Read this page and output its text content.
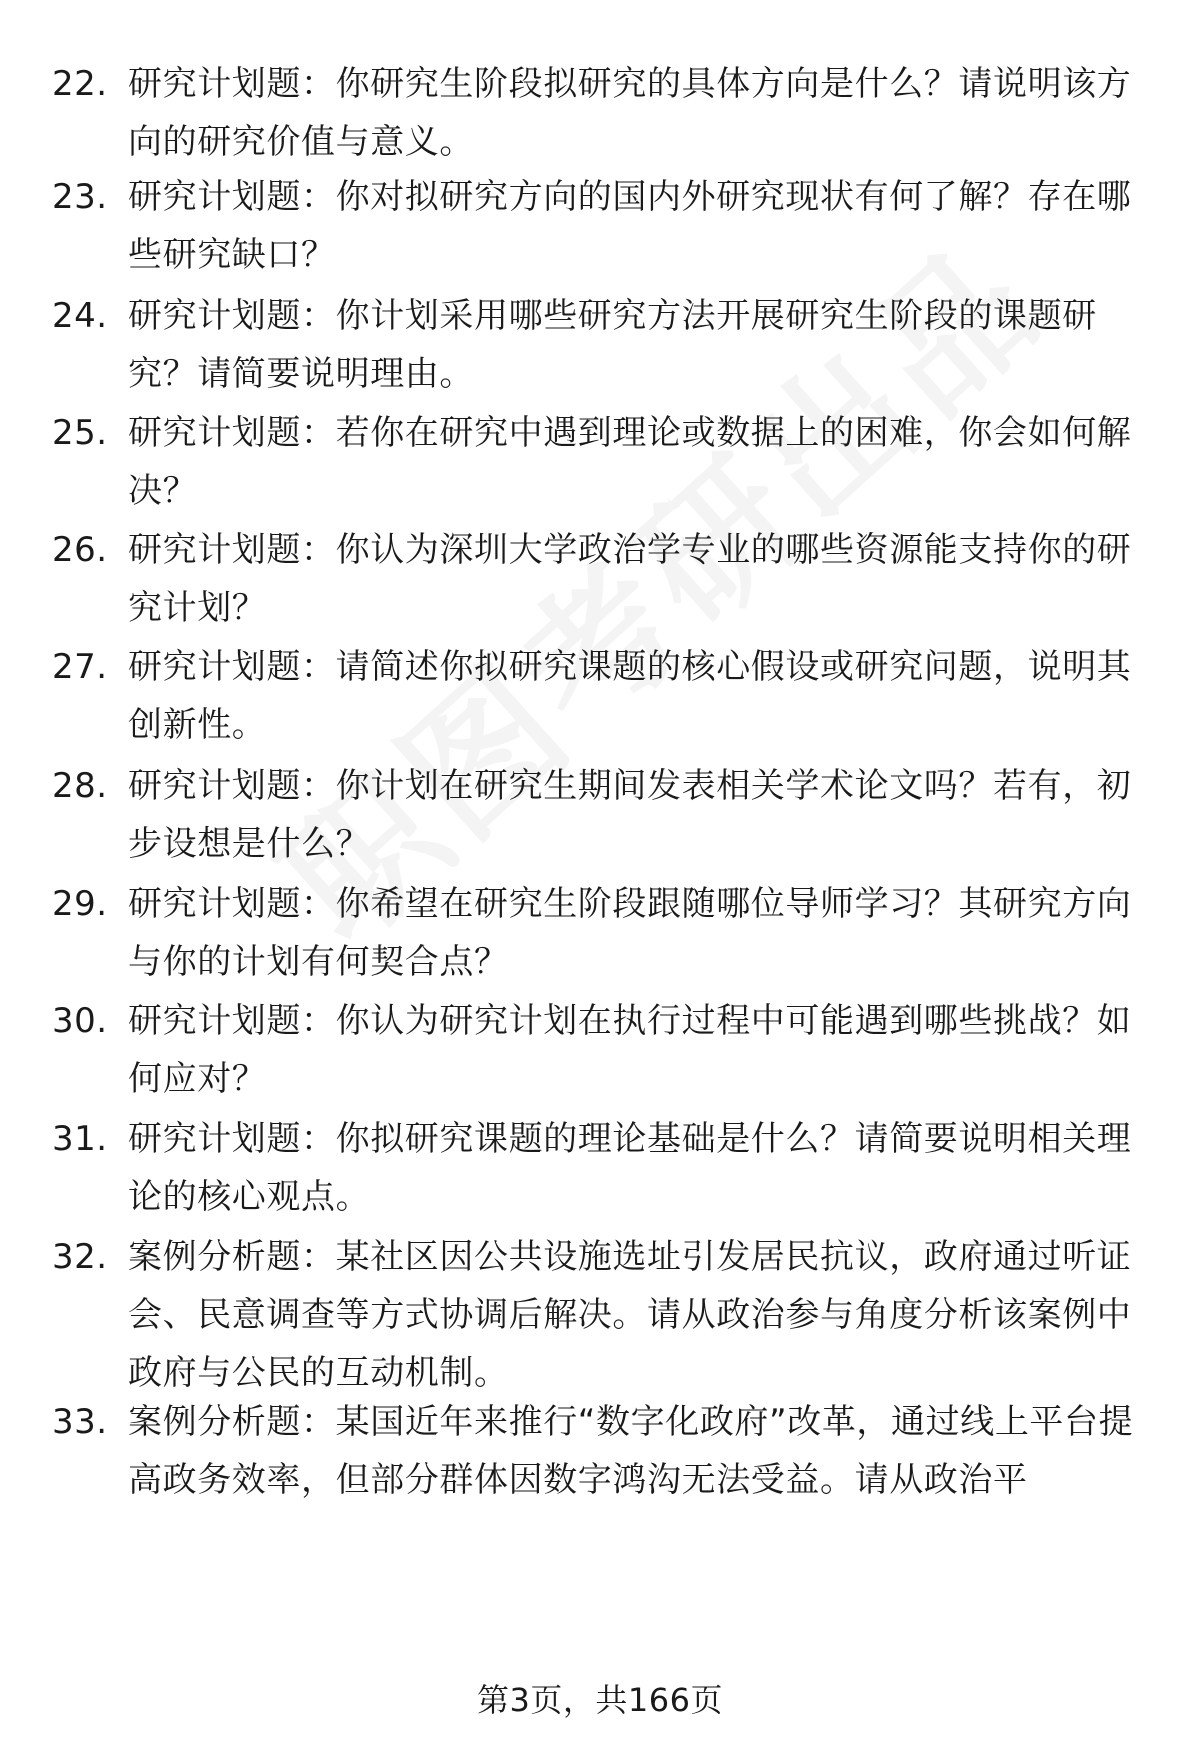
22. 研究计划题：你研究生阶段拟研究的具体方向是什么？请说明该方向的研究价值与意义。
23. 研究计划题：你对拟研究方向的国内外研究现状有何了解？存在哪些研究缺口？
24. 研究计划题：你计划采用哪些研究方法开展研究生阶段的课题研究？请简要说明理由。
25. 研究计划题：若你在研究中遇到理论或数据上的困难，你会如何解决？
26. 研究计划题：你认为深圳大学政治学专业的哪些资源能支持你的研究计划？
27. 研究计划题：请简述你拟研究课题的核心假设或研究问题，说明其创新性。
28. 研究计划题：你计划在研究生期间发表相关学术论文吗？若有，初步设想是什么？
29. 研究计划题：你希望在研究生阶段跟随哪位导师学习？其研究方向与你的计划有何契合点？
30. 研究计划题：你认为研究计划在执行过程中可能遇到哪些挑战？如何应对？
31. 研究计划题：你拟研究课题的理论基础是什么？请简要说明相关理论的核心观点。
32. 案例分析题：某社区因公共设施选址引发居民抗议，政府通过听证会、民意调查等方式协调后解决。请从政治参与角度分析该案例中政府与公民的互动机制。
33. 案例分析题：某国近年来推行“数字化政府”改革，通过线上平台提高政务效率，但部分群体因数字鸿沟无法受益。请从政治平
第3页，共166页
